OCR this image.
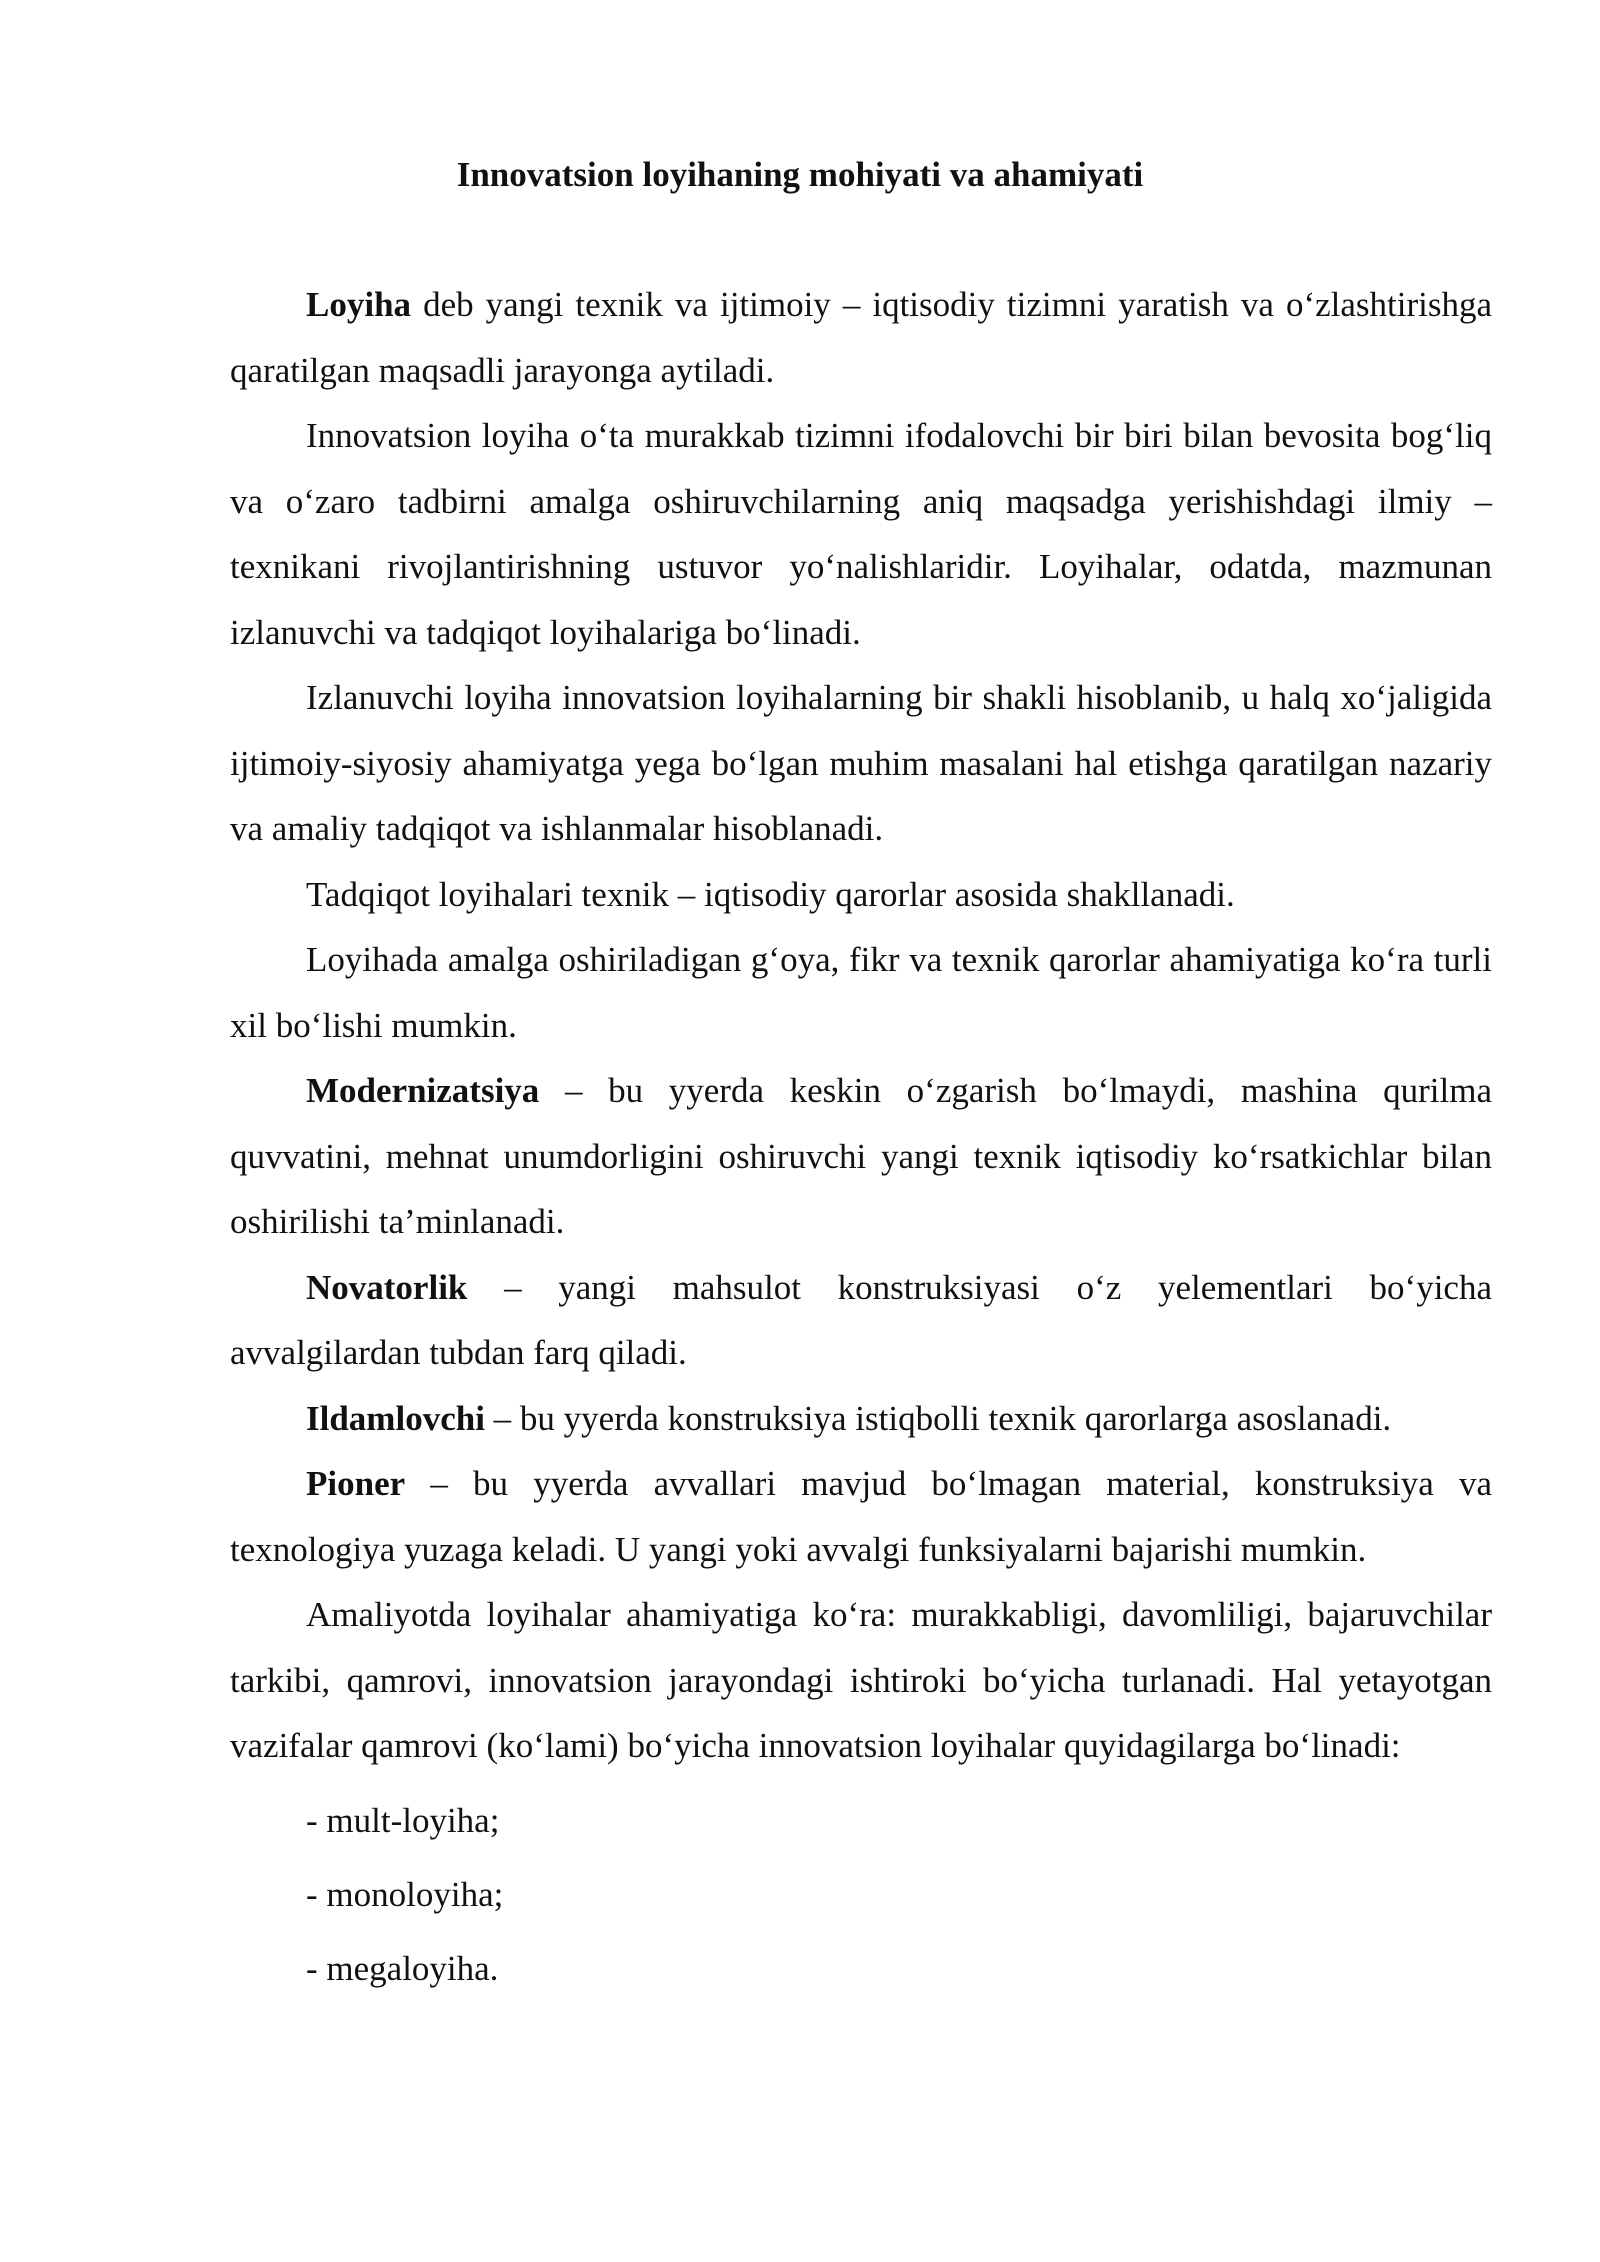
Innovatsion loyihaning mohiyati va ahamiyati

Loyiha deb yangi texnik va ijtimoiy – iqtisodiy tizimni yaratish va o‘zlashtirishga qaratilgan maqsadli jarayonga aytiladi.

Innovatsion loyiha o‘ta murakkab tizimni ifodalovchi bir biri bilan bevosita bog‘liq va o‘zaro tadbirni amalga oshiruvchilarning aniq maqsadga yerishishdagi ilmiy – texnikani rivojlantirishning ustuvor yo‘nalishlaridir. Loyihalar, odatda, mazmunan izlanuvchi va tadqiqot loyihalariga bo‘linadi.

Izlanuvchi loyiha innovatsion loyihalarning bir shakli hisoblanib, u halq xo‘jaligida ijtimoiy-siyosiy ahamiyatga yega bo‘lgan muhim masalani hal etishga qaratilgan nazariy va amaliy tadqiqot va ishlanmalar hisoblanadi.

Tadqiqot loyihalari texnik – iqtisodiy qarorlar asosida shakllanadi.

Loyihada amalga oshiriladigan g‘oya, fikr va texnik qarorlar ahamiyatiga ko‘ra turli xil bo‘lishi mumkin.

Modernizatsiya – bu yyerda keskin o‘zgarish bo‘lmaydi, mashina qurilma quvvatini, mehnat unumdorligini oshiruvchi yangi texnik iqtisodiy ko‘rsatkichlar bilan oshirilishi ta’minlanadi.

Novatorlik – yangi mahsulot konstruksiyasi o‘z yelementlari bo‘yicha avvalgilardan tubdan farq qiladi.

Ildamlovchi – bu yyerda konstruksiya istiqbolli texnik qarorlarga asoslanadi.

Pioner – bu yyerda avvallari mavjud bo‘lmagan material, konstruksiya va texnologiya yuzaga keladi. U yangi yoki avvalgi funksiyalarni bajarishi mumkin.

Amaliyotda loyihalar ahamiyatiga ko‘ra: murakkabligi, davomliligi, bajaruvchilar tarkibi, qamrovi, innovatsion jarayondagi ishtiroki bo‘yicha turlanadi. Hal yetayotgan vazifalar qamrovi (ko‘lami) bo‘yicha innovatsion loyihalar quyidagilarga bo‘linadi:

- mult-loyiha;
- monoloyiha;
- megaloyiha.
